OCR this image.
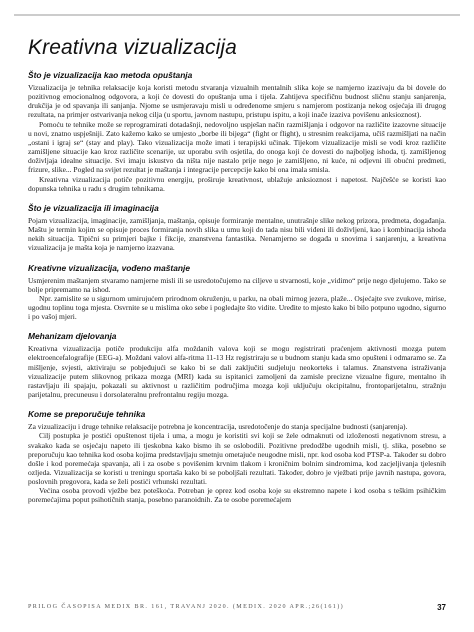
Kreativna vizualizacija
Što je vizualizacija kao metoda opuštanja

Vizualizacija je tehnika relaksacije koja koristi metodu stvaranja vizualnih mentalnih slika koje se namjerno izazivaju da bi dovele do pozitivnog emocionalnog odgovora, a koji će dovesti do opuštanja uma i tijela. Zahtijeva specifičnu budnost sličnu stanju sanjarenja, drukčija je od spavanja ili sanjanja. Njome se usmjeravaju misli u određenome smjeru s namjerom postizanja nekog osjećaja ili drugog rezultata, na primjer ostvarivanja nekog cilja (u sportu, javnom nastupu, pristupu ispitu, a koji inače izaziva povišenu anksioznost).

Pomoću te tehnike može se reprogramirati dotadašnji, nedovoljno uspješan način razmišljanja i odgovor na različite izazovne situacije u novi, znatno uspješniji. Zato kažemo kako se umjesto „borbe ili bijega“ (fight or flight), u stresnim reakcijama, učiš razmišljati na način „ostani i igraj se“ (stay and play). Tako vizualizacija može imati i terapijski učinak. Tijekom vizualizacije misli se vodi kroz različite zamišljene situacije kao kroz različite scenarije, uz uporabu svih osjetila, do onoga koji će dovesti do najboljeg ishoda, tj. zamišljenog doživljaja idealne situacije. Svi imaju iskustvo da ništa nije nastalo prije nego je zamišljeno, ni kuće, ni odjevni ili obućni predmeti, frizure, slike... Pogled na svijet rezultat je maštanja i integracije percepcije kako bi ona imala smisla.

Kreativna vizualizacija potiče pozitivnu energiju, proširuje kreativnost, ublažuje anksioznost i napetost. Najčešće se koristi kao dopunska tehnika u radu s drugim tehnikama.

Što je vizualizacija ili imaginacija

Pojam vizualizacija, imaginacije, zamišljanja, maštanja, opisuje formiranje mentalne, unutrašnje slike nekog prizora, predmeta, događanja. Maštu je termin kojim se opisuje proces formiranja novih slika u umu koji do tada nisu bili viđeni ili doživljeni, kao i kombinacija ishoda nekih situacija. Tipični su primjeri bajke i fikcije, znanstvena fantastika. Nenamjerno se događa u snovima i sanjarenju, a kreativna vizualizacija je mašta koja je namjerno izazvana.

Kreativne vizualizacija, vođeno maštanje

Usmjerenim maštanjem stvaramo namjerne misli ili se usredotočujemo na ciljeve u stvarnosti, koje „vidimo“ prije nego djelujemo. Tako se bolje pripremamo na ishod.

Npr. zamislite se u sigurnom umirujućem prirodnom okruženju, u parku, na obali mirnog jezera, plaže... Osjećajte sve zvukove, mirise, ugodnu toplinu toga mjesta. Osvrnite se u mislima oko sebe i pogledajte što vidite. Uređite to mjesto kako bi bilo potpuno ugodno, sigurno i po vašoj mjeri.

Mehanizam djelovanja

Kreativna vizualizacija potiče produkciju alfa moždanih valova koji se mogu registrirati praćenjem aktivnosti mozga putem elektroencefalografije (EEG-a). Moždani valovi alfa-ritma 11-13 Hz registriraju se u budnom stanju kada smo opušteni i odmaramo se. Za mišljenje, svjesti, aktiviraju se pobjeđujući se kako bi se dali zaključiti sudjeluju neokorteks i talamus. Znanstvena istraživanja vizualizacije putem slikovnog prikaza mozga (MRI) kada su ispitanici zamoljeni da zamisle precizne vizualne figure, mentalno ih rastavljaju ili spajaju, pokazali su aktivnost u različitim područjima mozga koji uključuju okcipitalnu, frontoparijetalnu, stražnju parijetalnu, precuneusu i dorsolateralnu prefrontalnu regiju mozga.

Kome se preporučuje tehnika

Za vizualizaciju i druge tehnike relaksacije potrebna je koncentracija, usredotočenje do stanja specijalne budnosti (sanjarenja).

Cilj postupka je postići opuštenost tijela i uma, a mogu je koristiti svi koji se žele odmaknuti od izloženosti negativnom stresu, a svakako kada se osjećaju napeto ili tjeskobna kako bismo ih se oslobodili. Pozitivne predodžbe ugodnih misli, tj. slika, posebno se preporučuju kao tehnika kod osoba kojima predstavljaju smetnju ometajuće neugodne misli, npr. kod osoba kod PTSP-a. Također su dobro došle i kod poremećaja spavanja, ali i za osobe s povišenim krvnim tlakom i kroničnim bolnim sindromima, kod zacjeljivanja tjelesnih ozljeda. Vizualizacija se koristi u treningu sportaša kako bi se poboljšali rezultati. Također, dobro je vježbati prije javnih nastupa, govora, poslovnih pregovora, kada se želi postići vrhunski rezultati.

Većina osoba provodi vježbe bez poteškoća. Potreban je oprez kod osoba koje su ekstremno napete i kod osoba s teškim psihičkim poremećajima poput psihotičnih stanja, posebno paranoidnih. Za te osobe poremećajem

PRILOG ČASOPISA MEDIX BR. 161, TRAVANJ 2020. (MEDIX. 2020 APR.;26(161))	37
